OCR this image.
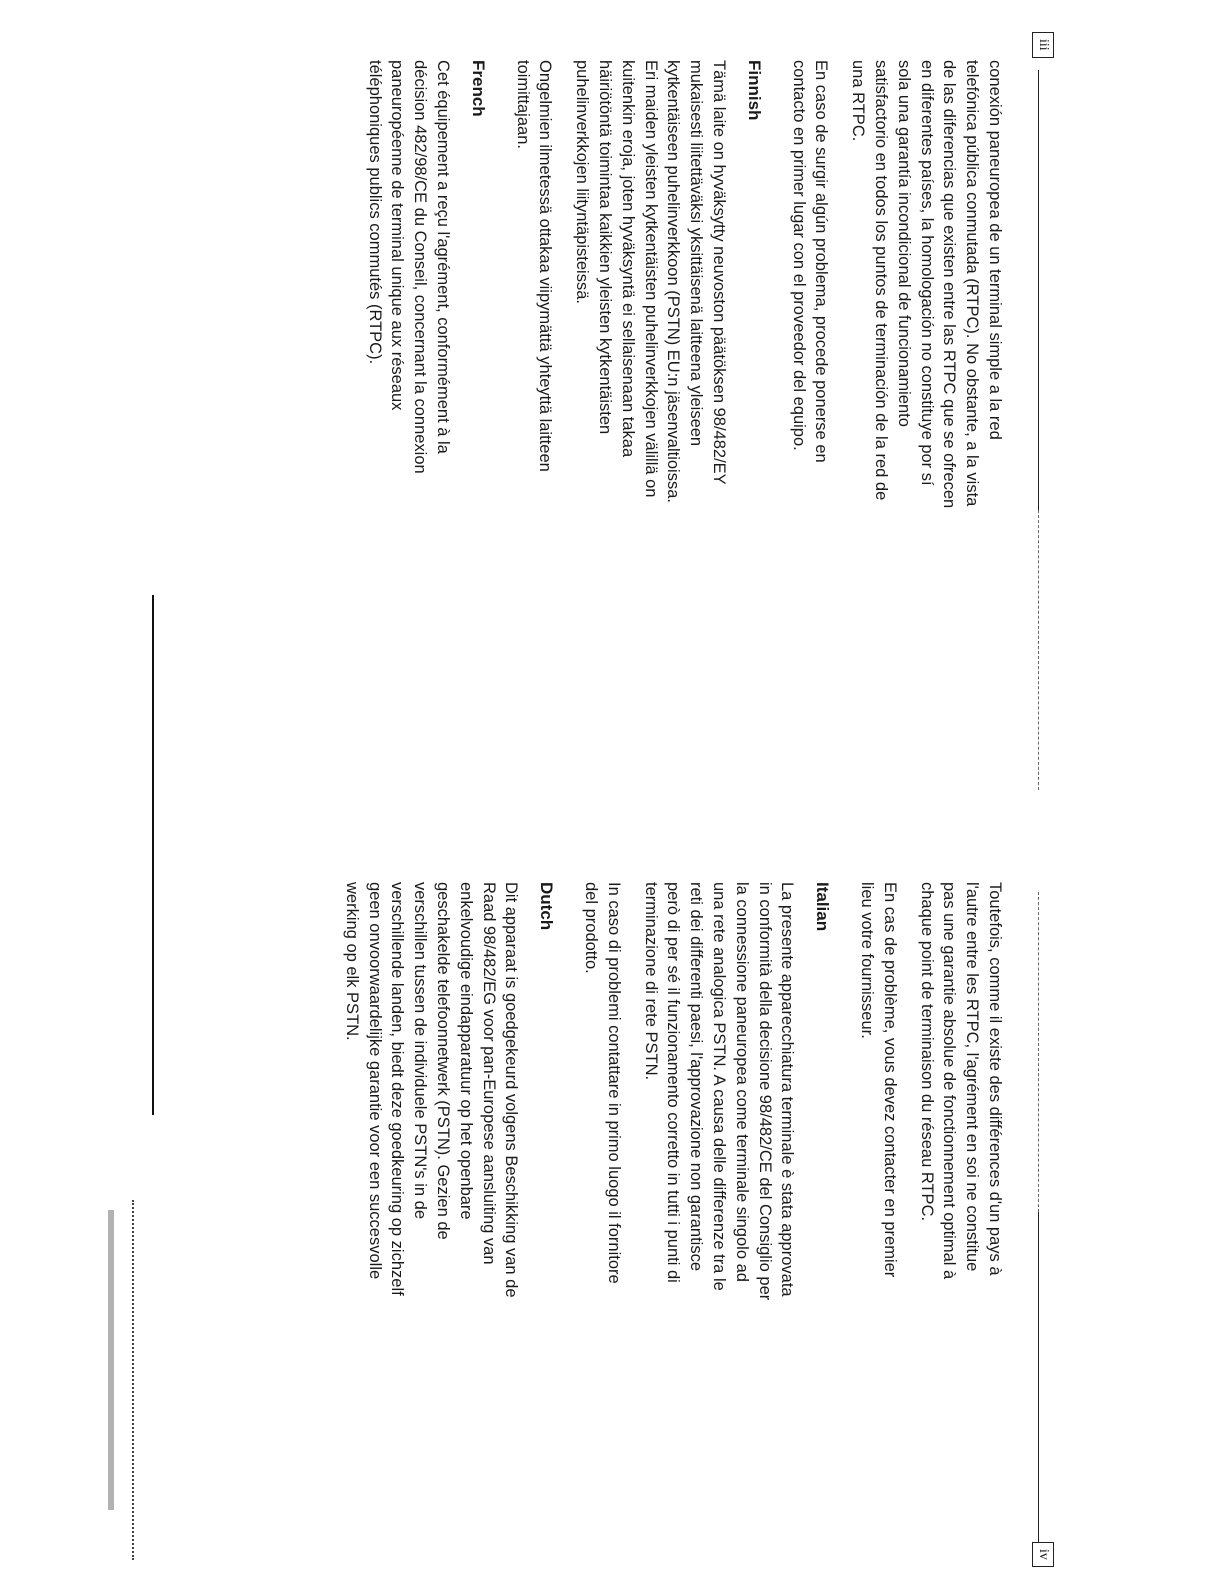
iii

conexión paneuropea de un terminal simple a la red telefónica pública conmutada (RTPC). No obstante, a la vista de las diferencias que existen entre las RTPC que se ofrecen en diferentes países, la homologación no constituye por sí sola una garantía incondicional de funcionamiento satisfactorio en todos los puntos de terminación de la red de una RTPC.

En caso de surgir algún problema, procede ponerse en contacto en primer lugar con el proveedor del equipo.

Finnish

Tämä laite on hyväksytty neuvoston päätöksen 98/482/EY mukaisesti liitettäväksi yksittäisenä laitteena yleiseen kytkentäiseen puhelinverkkoon (PSTN) EU:n jäsenvaltioissa. Eri maiden yleisten kytkentäisten puhelinverkkojen välillä on kuitenkin eroja, joten hyväksyntä ei sellaisenaan takaa häiriötöntä toimintaa kaikkien yleisten kytkentäisten puhelinverkkojen liityntäpisteissä.

Ongelmien ilmetessä ottakaa viipymättä yhteyttä laitteen toimittajaan.

French

Cet équipement a reçu l'agrément, conformément à la décision 482/98/CE du Conseil, concernant la connexion paneuropéenne de terminal unique aux réseaux téléphoniques publics commutés (RTPC).

iv

Toutefois, comme il existe des différences d'un pays à l'autre entre les RTPC, l'agrément en soi ne constitue pas une garantie absolue de fonctionnement optimal à chaque point de terminaison du réseau RTPC.

En cas de problème, vous devez contacter en premier lieu votre fournisseur.

Italian

La presente apparecchiatura terminale è stata approvata in conformità della decisione 98/482/CE del Consiglio per la connessione paneuropea come terminale singolo ad una rete analogica PSTN. A causa delle differenze tra le reti dei differenti paesi, l'approvazione non garantisce però di per sé il funzionamento corretto in tutti i punti di terminazione di rete PSTN.

In caso di problemi contattare in primo luogo il fornitore del prodotto.

Dutch

Dit apparaat is goedgekeurd volgens Beschikking van de Raad 98/482/EG voor pan-Europese aansluiting van enkelvoudige eindapparatuur op het openbare geschakelde telefoonnetwerk (PSTN). Gezien de verschillen tussen de individuele PSTN's in de verschillende landen, biedt deze goedkeuring op zichzelf geen onvoorwaardelijke garantie voor een succesvolle werking op elk PSTN.
